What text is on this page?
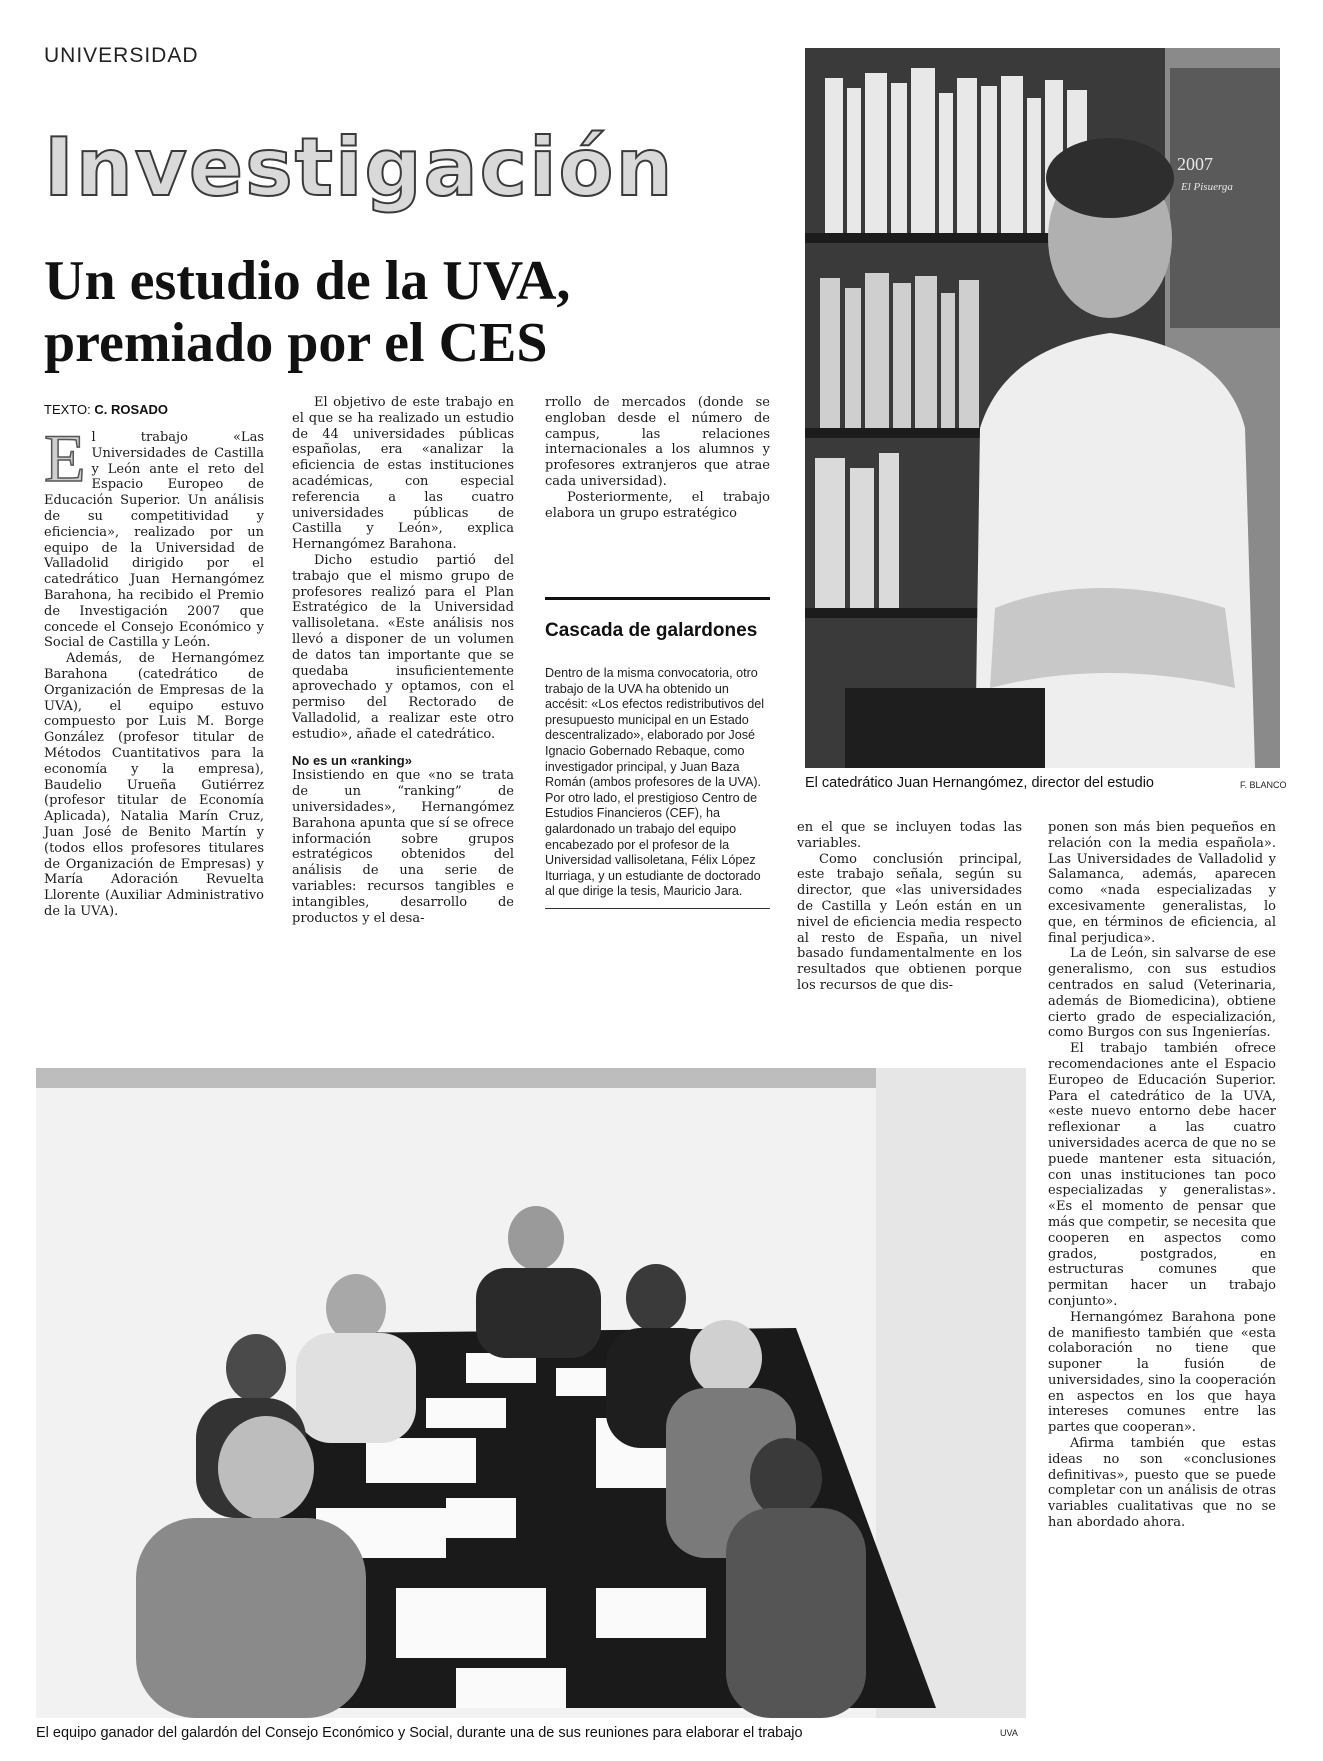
UNIVERSIDAD
Investigación
Un estudio de la UVA,
premiado por el CES
TEXTO: C. ROSADO

El trabajo «Las Universidades de Castilla y León ante el reto del Espacio Europeo de Educación Superior. Un análisis de su competitividad y eficiencia», realizado por un equipo de la Universidad de Valladolid dirigido por el catedrático Juan Hernangómez Barahona, ha recibido el Premio de Investigación 2007 que concede el Consejo Económico y Social de Castilla y León.

Además, de Hernangómez Barahona (catedrático de Organización de Empresas de la UVA), el equipo estuvo compuesto por Luis M. Borge González (profesor titular de Métodos Cuantitativos para la economía y la empresa), Baudelio Urueña Gutiérrez (profesor titular de Economía Aplicada), Natalia Marín Cruz, Juan José de Benito Martín y (todos ellos profesores titulares de Organización de Empresas) y María Adoración Revuelta Llorente (Auxiliar Administrativo de la UVA).

El objetivo de este trabajo en el que se ha realizado un estudio de 44 universidades públicas españolas, era «analizar la eficiencia de estas instituciones académicas, con especial referencia a las cuatro universidades públicas de Castilla y León», explica Hernangómez Barahona.

Dicho estudio partió del trabajo que el mismo grupo de profesores realizó para el Plan Estratégico de la Universidad vallisoletana. «Este análisis nos llevó a disponer de un volumen de datos tan importante que se quedaba insuficientemente aprovechado y optamos, con el permiso del Rectorado de Valladolid, a realizar este otro estudio», añade el catedrático.

No es un «ranking»

Insistiendo en que «no se trata de un “ranking” de universidades», Hernangómez Barahona apunta que sí se ofrece información sobre grupos estratégicos obtenidos del análisis de una serie de variables: recursos tangibles e intangibles, desarrollo de productos y el desa-

rrollo de mercados (donde se engloban desde el número de campus, las relaciones internacionales a los alumnos y profesores extranjeros que atrae cada universidad).

Posteriormente, el trabajo elabora un grupo estratégico

Cascada de galardones
Dentro de la misma convocatoria, otro trabajo de la UVA ha obtenido un accésit: «Los efectos redistributivos del presupuesto municipal en un Estado descentralizado», elaborado por José Ignacio Gobernado Rebaque, como investigador principal, y Juan Baza Román (ambos profesores de la UVA). Por otro lado, el prestigioso Centro de Estudios Financieros (CEF), ha galardonado un trabajo del equipo encabezado por el profesor de la Universidad vallisoletana, Félix López Iturriaga, y un estudiante de doctorado al que dirige la tesis, Mauricio Jara.
2007
El Pisuerga
El catedrático Juan Hernangómez, director del estudio	F. BLANCO

en el que se incluyen todas las variables.

Como conclusión principal, este trabajo señala, según su director, que «las universidades de Castilla y León están en un nivel de eficiencia media respecto al resto de España, un nivel basado fundamentalmente en los resultados que obtienen porque los recursos de que dis-

ponen son más bien pequeños en relación con la media española». Las Universidades de Valladolid y Salamanca, además, aparecen como «nada especializadas y excesivamente generalistas, lo que, en términos de eficiencia, al final perjudica».

La de León, sin salvarse de ese generalismo, con sus estudios centrados en salud (Veterinaria, además de Biomedicina), obtiene cierto grado de especialización, como Burgos con sus Ingenierías.

El trabajo también ofrece recomendaciones ante el Espacio Europeo de Educación Superior. Para el catedrático de la UVA, «este nuevo entorno debe hacer reflexionar a las cuatro universidades acerca de que no se puede mantener esta situación, con unas instituciones tan poco especializadas y generalistas». «Es el momento de pensar que más que competir, se necesita que cooperen en aspectos como grados, postgrados, en estructuras comunes que permitan hacer un trabajo conjunto».

Hernangómez Barahona pone de manifiesto también que «esta colaboración no tiene que suponer la fusión de universidades, sino la cooperación en aspectos en los que haya intereses comunes entre las partes que cooperan».

Afirma también que estas ideas no son «conclusiones definitivas», puesto que se puede completar con un análisis de otras variables cualitativas que no se han abordado ahora.

El equipo ganador del galardón del Consejo Económico y Social, durante una de sus reuniones para elaborar el trabajo	UVA
